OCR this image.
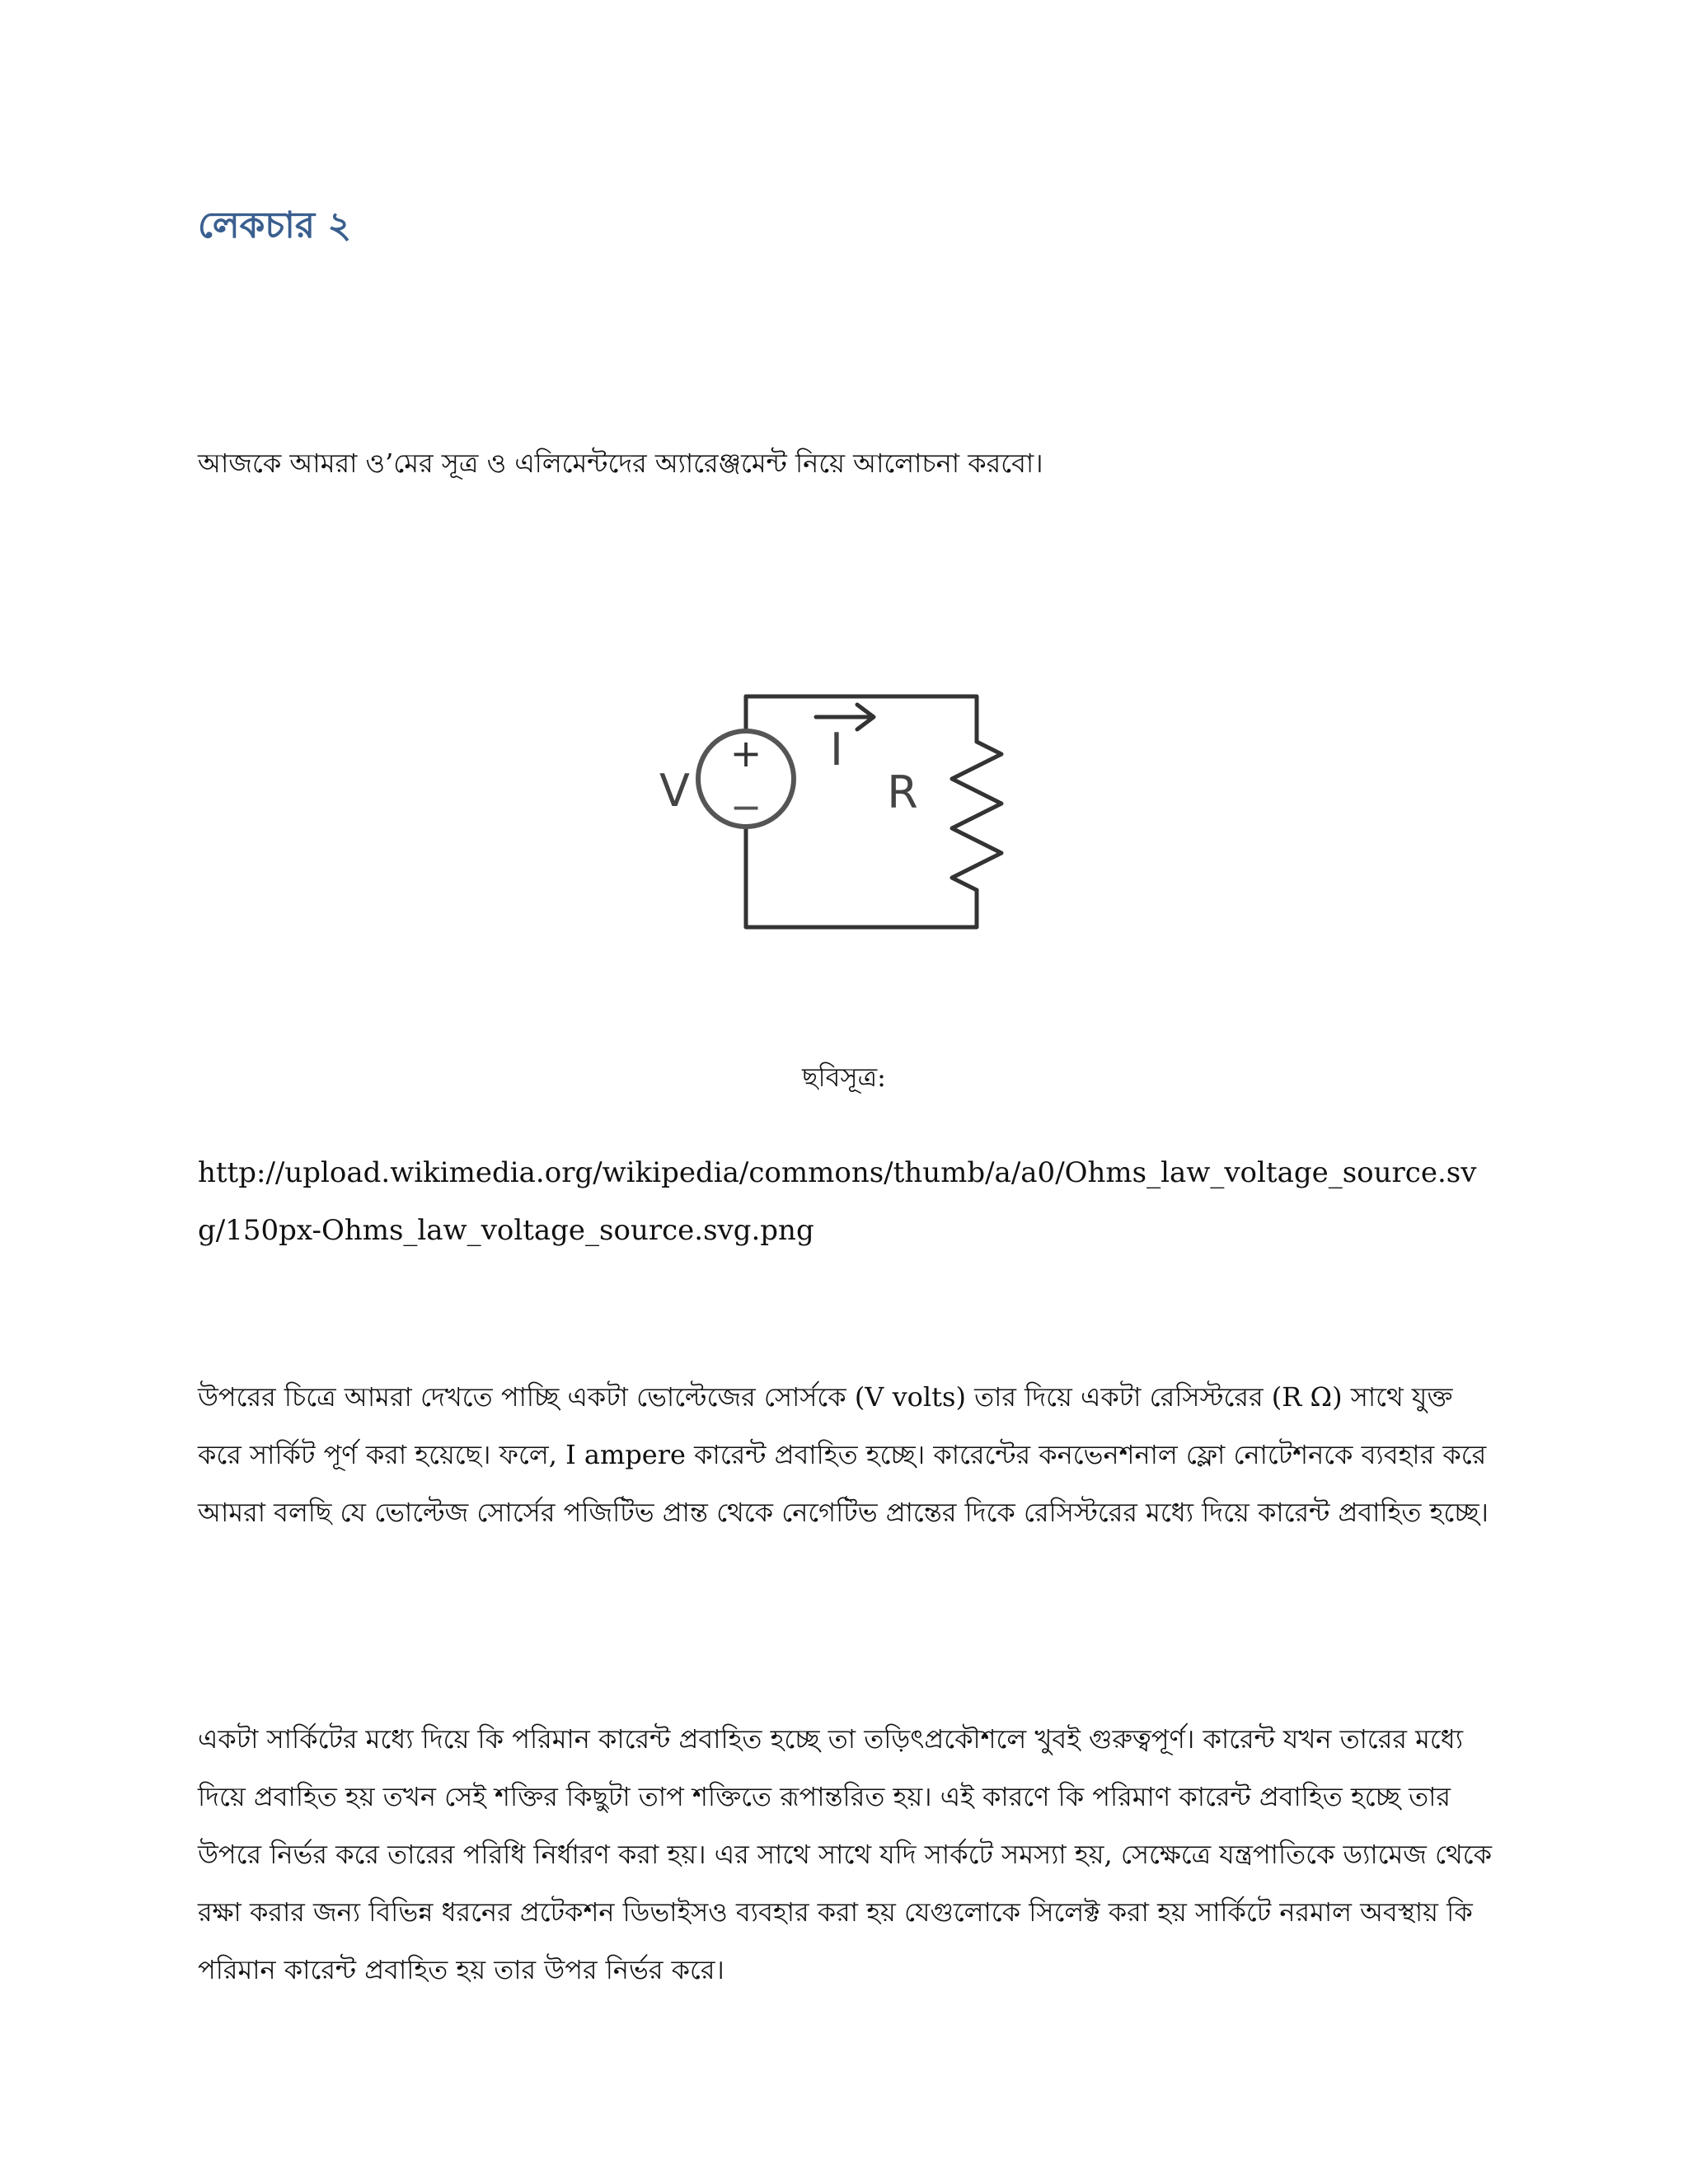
লেকচার ২

আজকে আমরা ও’মের সূত্র ও এলিমেন্টদের অ্যারেঞ্জমেন্ট নিয়ে আলোচনা করবো।

+
−
V
I
R

ছবিসূত্র:

http://upload.wikimedia.org/wikipedia/commons/thumb/a/a0/Ohms_law_voltage_source.svg/150px-Ohms_law_voltage_source.svg.png

উপরের চিত্রে আমরা দেখতে পাচ্ছি একটা ভোল্টেজের সোর্সকে (V volts) তার দিয়ে একটা রেসিস্টরের (R Ω) সাথে যুক্ত করে সার্কিট পূর্ণ করা হয়েছে। ফলে, I ampere কারেন্ট প্রবাহিত হচ্ছে। কারেন্টের কনভেনশনাল ফ্লো নোটেশনকে ব্যবহার করে আমরা বলছি যে ভোল্টেজ সোর্সের পজিটিভ প্রান্ত থেকে নেগেটিভ প্রান্তের দিকে রেসিস্টরের মধ্যে দিয়ে কারেন্ট প্রবাহিত হচ্ছে।

একটা সার্কিটের মধ্যে দিয়ে কি পরিমান কারেন্ট প্রবাহিত হচ্ছে তা তড়িৎপ্রকৌশলে খুবই গুরুত্বপূর্ণ। কারেন্ট যখন তারের মধ্যে দিয়ে প্রবাহিত হয় তখন সেই শক্তির কিছুটা তাপ শক্তিতে রূপান্তরিত হয়। এই কারণে কি পরিমাণ কারেন্ট প্রবাহিত হচ্ছে তার উপরে নির্ভর করে তারের পরিধি নির্ধারণ করা হয়। এর সাথে সাথে যদি সার্কটে সমস্যা হয়, সেক্ষেত্রে যন্ত্রপাতিকে ড্যামেজ থেকে রক্ষা করার জন্য বিভিন্ন ধরনের প্রটেকশন ডিভাইসও ব্যবহার করা হয় যেগুলোকে সিলেক্ট করা হয় সার্কিটে নরমাল অবস্থায় কি পরিমান কারেন্ট প্রবাহিত হয় তার উপর নির্ভর করে।
